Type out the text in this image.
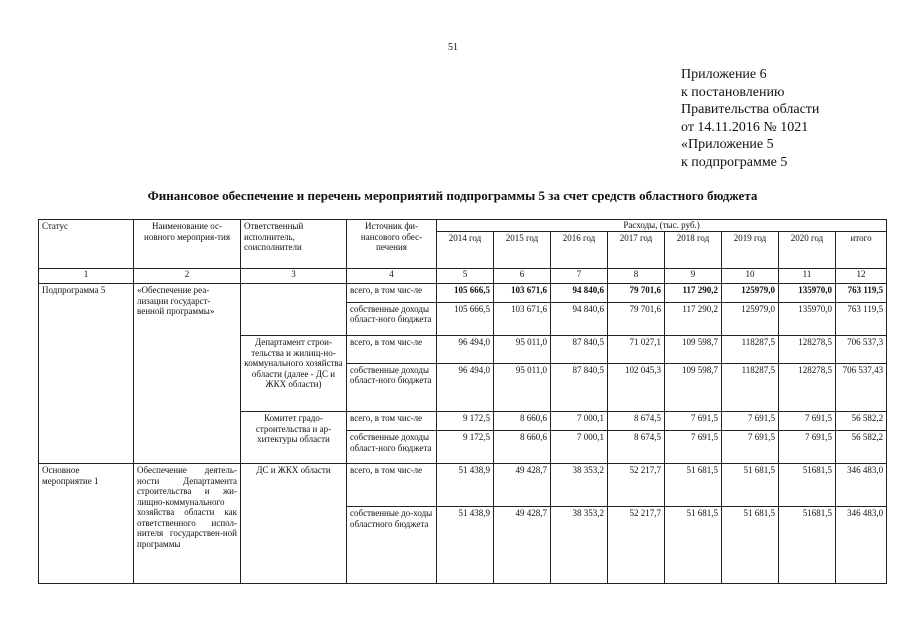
51
Приложение 6
к постановлению
Правительства области
от 14.11.2016 № 1021
«Приложение 5
к подпрограмме 5
Финансовое обеспечение и перечень мероприятий подпрограммы 5 за счет средств областного бюджета
Статус	Наименование ос-новного мероприя-тия	Ответственный исполнитель, соисполнители	Источник фи-нансового обес-печения	Расходы, (тыс. руб.)							
				2014 год	2015 год	2016 год	2017 год	2018 год	2019 год	2020 год	итого
1	2	3	4	5	6	7	8	9	10	11	12
Подпрограмма 5	«Обеспечение реа-лизации государст-венной программы»		всего, в том чис-ле	105 666,5	103 671,6	94 840,6	79 701,6	117 290,2	125979,0	135970,0	763 119,5
			собственные доходы област-ного бюджета	105 666,5	103 671,6	94 840,6	79 701,6	117 290,2	125979,0	135970,0	763 119,5
		Департамент строи-тельства и жилищ-но-коммунального хозяйства области (далее - ДС и ЖКХ области)	всего, в том чис-ле	96 494,0	95 011,0	87 840,5	71 027,1	109 598,7	118287,5	128278,5	706 537,3
			собственные доходы област-ного бюджета	96 494,0	95 011,0	87 840,5	102 045,3	109 598,7	118287,5	128278,5	706 537,43
		Комитет градо-строительства и ар-хитектуры области	всего, в том чис-ле	9 172,5	8 660,6	7 000,1	8 674,5	7 691,5	7 691,5	7 691,5	56 582,2
			собственные доходы област-ного бюджета	9 172,5	8 660,6	7 000,1	8 674,5	7 691,5	7 691,5	7 691,5	56 582,2
Основное мероприятие 1	Обеспечение деятель-ности Департамента строительства и жи-лищно-коммунального хозяйства области как ответственного испол-нителя государствен-ной программы	ДС и ЖКХ области	всего, в том чис-ле	51 438,9	49 428,7	38 353,2	52 217,7	51 681,5	51 681,5	51681,5	346 483,0
			собственные до-ходы областного бюджета	51 438,9	49 428,7	38 353,2	52 217,7	51 681,5	51 681,5	51681,5	346 483,0
